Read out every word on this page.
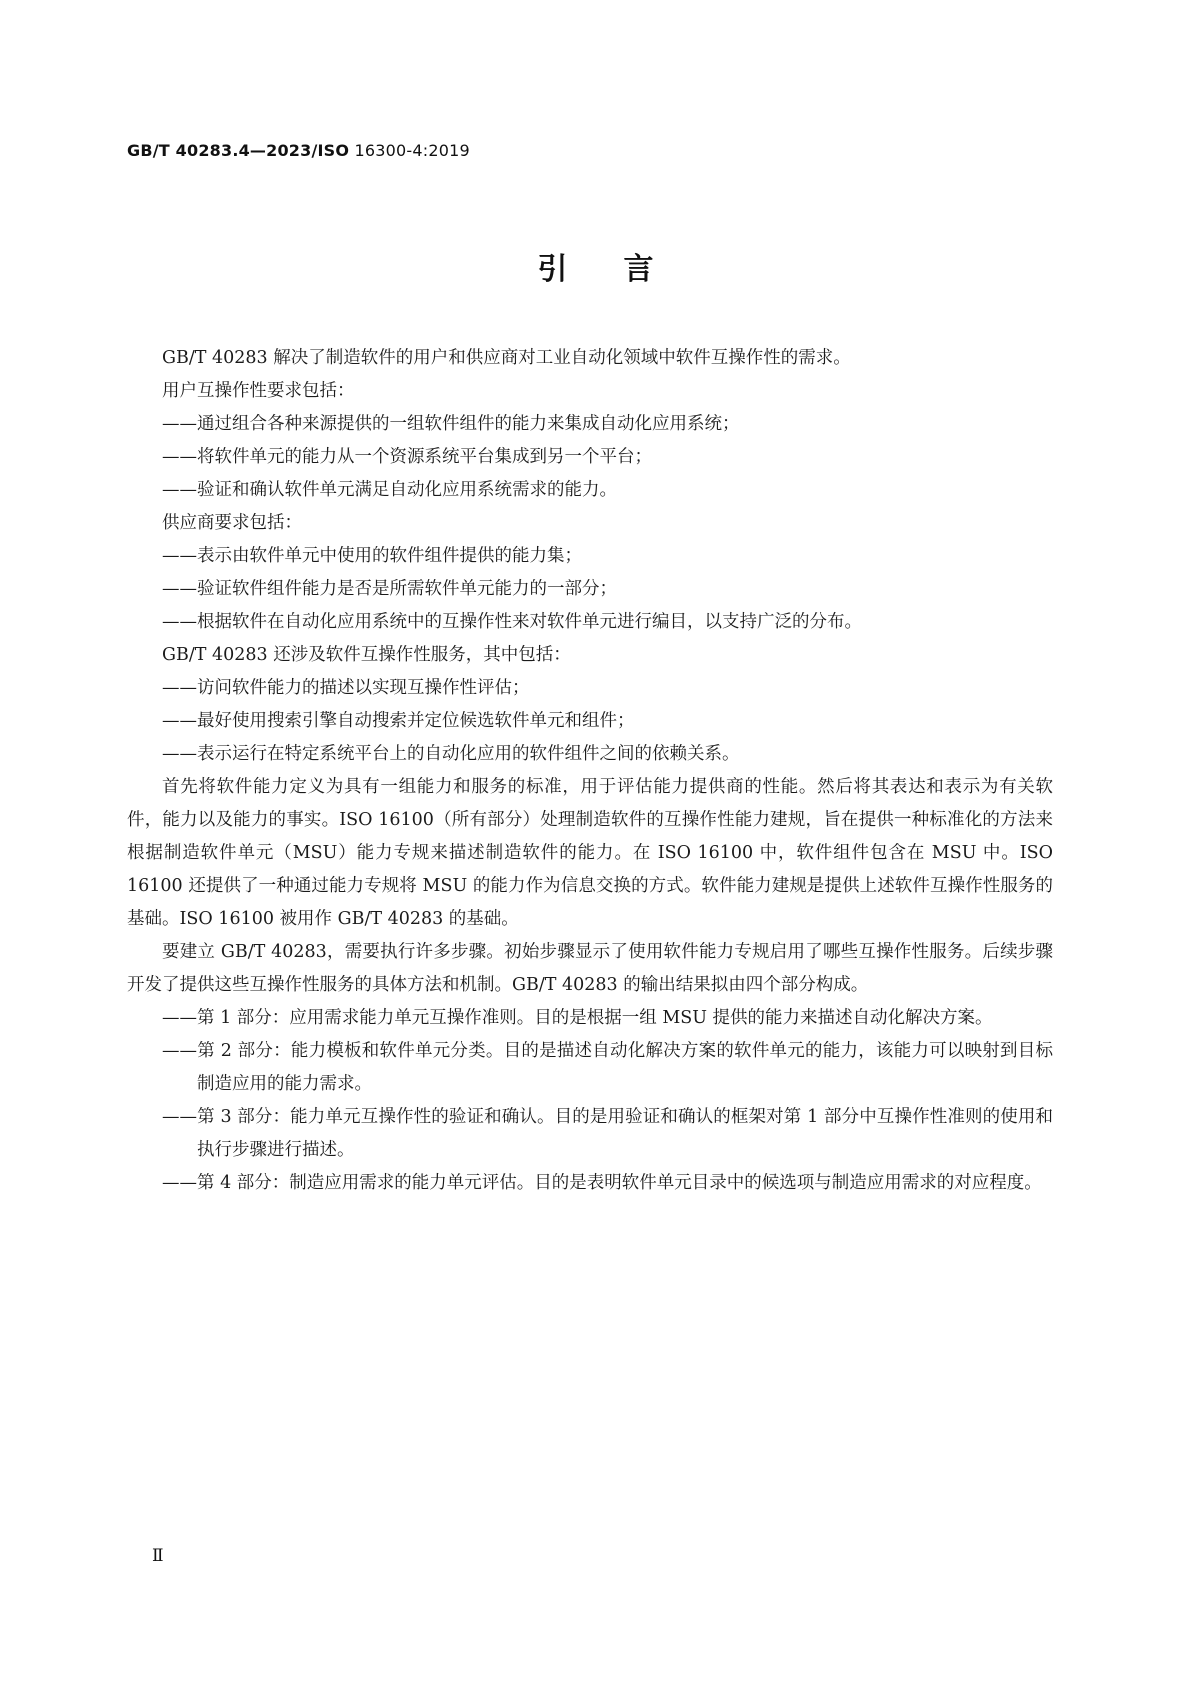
GB/T 40283.4—2023/ISO 16300-4:2019
引言

GB/T 40283 解决了制造软件的用户和供应商对工业自动化领域中软件互操作性的需求。

用户互操作性要求包括：

——通过组合各种来源提供的一组软件组件的能力来集成自动化应用系统；

——将软件单元的能力从一个资源系统平台集成到另一个平台；

——验证和确认软件单元满足自动化应用系统需求的能力。

供应商要求包括：

——表示由软件单元中使用的软件组件提供的能力集；

——验证软件组件能力是否是所需软件单元能力的一部分；

——根据软件在自动化应用系统中的互操作性来对软件单元进行编目，以支持广泛的分布。

GB/T 40283 还涉及软件互操作性服务，其中包括：

——访问软件能力的描述以实现互操作性评估；

——最好使用搜索引擎自动搜索并定位候选软件单元和组件；

——表示运行在特定系统平台上的自动化应用的软件组件之间的依赖关系。

首先将软件能力定义为具有一组能力和服务的标准，用于评估能力提供商的性能。然后将其表达和表示为有关软件，能力以及能力的事实。ISO 16100（所有部分）处理制造软件的互操作性能力建规，旨在提供一种标准化的方法来根据制造软件单元（MSU）能力专规来描述制造软件的能力。在 ISO 16100 中，软件组件包含在 MSU 中。ISO 16100 还提供了一种通过能力专规将 MSU 的能力作为信息交换的方式。软件能力建规是提供上述软件互操作性服务的基础。ISO 16100 被用作 GB/T 40283 的基础。

要建立 GB/T 40283，需要执行许多步骤。初始步骤显示了使用软件能力专规启用了哪些互操作性服务。后续步骤开发了提供这些互操作性服务的具体方法和机制。GB/T 40283 的输出结果拟由四个部分构成。

——第 1 部分：应用需求能力单元互操作准则。目的是根据一组 MSU 提供的能力来描述自动化解决方案。

——第 2 部分：能力模板和软件单元分类。目的是描述自动化解决方案的软件单元的能力，该能力可以映射到目标制造应用的能力需求。

——第 3 部分：能力单元互操作性的验证和确认。目的是用验证和确认的框架对第 1 部分中互操作性准则的使用和执行步骤进行描述。

——第 4 部分：制造应用需求的能力单元评估。目的是表明软件单元目录中的候选项与制造应用需求的对应程度。

Ⅱ
